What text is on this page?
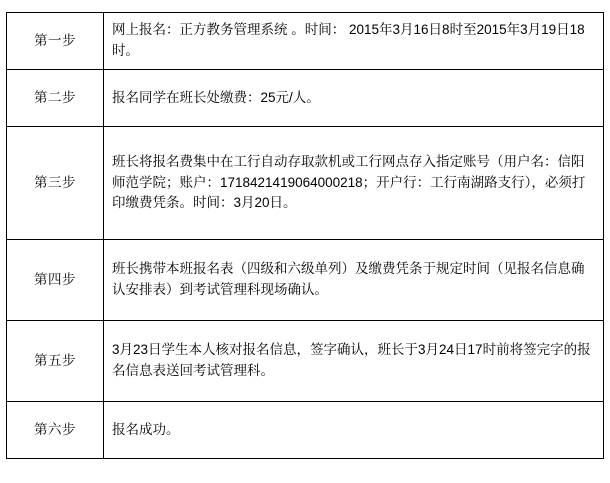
第一步	网上报名：正方教务管理系统 。时间： 2015年3月16日8时至2015年3月19日18时。
第二步	报名同学在班长处缴费：25元/人。
第三步	班长将报名费集中在工行自动存取款机或工行网点存入指定账号（用户名：信阳师范学院；账户：1718421419064000218；开户行：工行南湖路支行），必须打印缴费凭条。时间：3月20日。
第四步	班长携带本班报名表（四级和六级单列）及缴费凭条于规定时间（见报名信息确认安排表）到考试管理科现场确认。
第五步	3月23日学生本人核对报名信息，签字确认，班长于3月24日17时前将签完字的报名信息表送回考试管理科。
第六步	报名成功。
